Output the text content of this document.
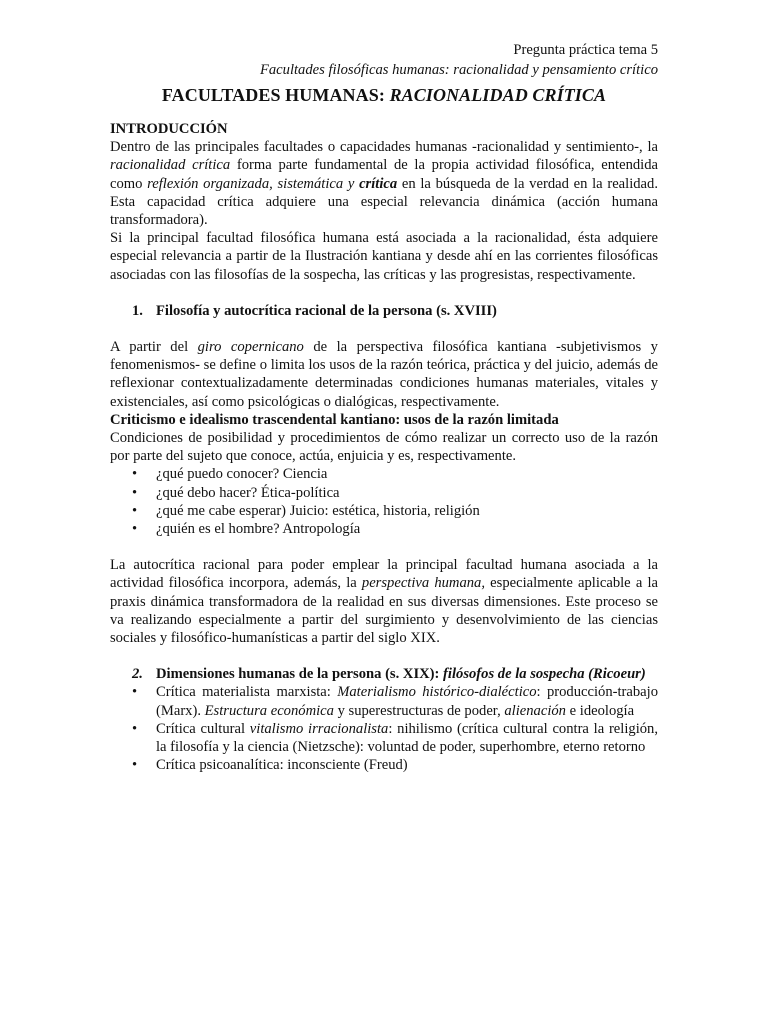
Pregunta práctica tema 5
Facultades filosóficas humanas: racionalidad y pensamiento crítico
FACULTADES HUMANAS: RACIONALIDAD CRÍTICA
INTRODUCCIÓN

Dentro de las principales facultades o capacidades humanas -racionalidad y sentimiento-, la racionalidad crítica forma parte fundamental de la propia actividad filosófica, entendida como reflexión organizada, sistemática y crítica en la búsqueda de la verdad en la realidad. Esta capacidad crítica adquiere una especial relevancia dinámica (acción humana transformadora).

Si la principal facultad filosófica humana está asociada a la racionalidad, ésta adquiere especial relevancia a partir de la Ilustración kantiana y desde ahí en las corrientes filosóficas asociadas con las filosofías de la sospecha, las críticas y las progresistas, respectivamente.

1. Filosofía y autocrítica racional de la persona (s. XVIII)

A partir del giro copernicano de la perspectiva filosófica kantiana -subjetivismos y fenomenismos- se define o limita los usos de la razón teórica, práctica y del juicio, además de reflexionar contextualizadamente determinadas condiciones humanas materiales, vitales y existenciales, así como psicológicas o dialógicas, respectivamente.

Criticismo e idealismo trascendental kantiano: usos de la razón limitada

Condiciones de posibilidad y procedimientos de cómo realizar un correcto uso de la razón por parte del sujeto que conoce, actúa, enjuicia y es, respectivamente.

• ¿qué puedo conocer? Ciencia
• ¿qué debo hacer? Ética-política
• ¿qué me cabe esperar) Juicio: estética, historia, religión
• ¿quién es el hombre? Antropología

La autocrítica racional para poder emplear la principal facultad humana asociada a la actividad filosófica incorpora, además, la perspectiva humana, especialmente aplicable a la praxis dinámica transformadora de la realidad en sus diversas dimensiones. Este proceso se va realizando especialmente a partir del surgimiento y desenvolvimiento de las ciencias sociales y filosófico-humanísticas a partir del siglo XIX.

2. Dimensiones humanas de la persona (s. XIX): filósofos de la sospecha (Ricoeur)
• Crítica materialista marxista: Materialismo histórico-dialéctico: producción-trabajo (Marx). Estructura económica y superestructuras de poder, alienación e ideología
• Crítica cultural vitalismo irracionalista: nihilismo (crítica cultural contra la religión, la filosofía y la ciencia (Nietzsche): voluntad de poder, superhombre, eterno retorno
• Crítica psicoanalítica: inconsciente (Freud)
